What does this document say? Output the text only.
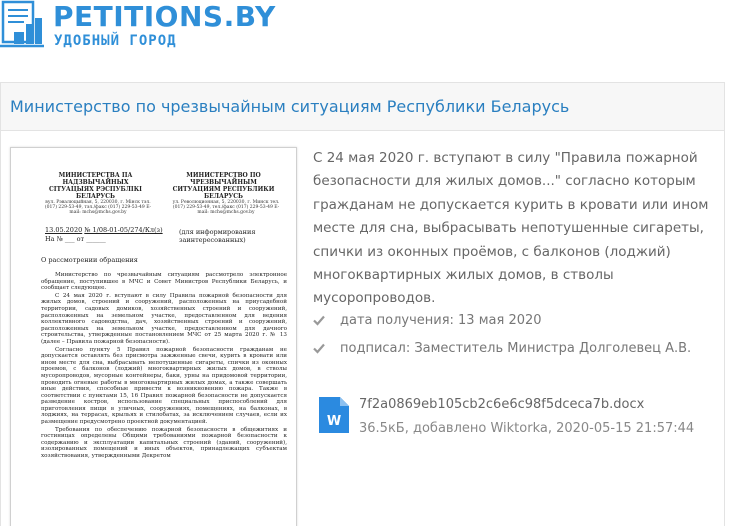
PETITIONS.BY
УДОБНЫЙ ГОРОД
Министерство по чрезвычайным ситуациям Республики Беларусь
МИНИСТЕРСТВА ПА НАДЗВЫЧАЙНЫХ СІТУАЦЫЯХ РЭСПУБЛІКІ БЕЛАРУСЬ
МИНИСТЕРСТВО ПО ЧРЕЗВЫЧАЙНЫМ СИТУАЦИЯМ РЕСПУБЛИКИ БЕЛАРУСЬ
вул. Рэвалюцыйная, 5, 220030, г. Мінск тэл. (017) 229-53-49, тэл./факс (017) 229-53-49 E-mail: mchs@mchs.gov.by
ул. Революционная, 5, 220030, г. Минск тел. (017) 229-53-49, тел./факс (017) 229-53-49 E-mail: mchs@mchs.gov.by
13.05.2020 № 1/08-01-05/274/Кл(з)
На № ___ от ______
(для информирования заинтересованных)
О рассмотрении обращения

Министерство по чрезвычайным ситуациям рассмотрело электронное обращение, поступившее в МЧС и Совет Министров Республики Беларусь, и сообщает следующее.

С 24 мая 2020 г. вступают в силу Правила пожарной безопасности для жилых домов, строений и сооружений, расположенных на приусадебной территории, садовых домиков, хозяйственных строений и сооружений, расположенных на земельном участке, предоставленном для ведения коллективного садоводства, дач, хозяйственных строений и сооружений, расположенных на земельном участке, предоставленном для дачного строительства, утвержденные постановлением МЧС от 25 марта 2020 г. № 13 (далее – Правила пожарной безопасности).

Согласно пункту 5 Правил пожарной безопасности гражданам не допускается оставлять без присмотра зажженные свечи, курить в кровати или ином месте для сна, выбрасывать непотушенные сигареты, спички из оконных проемов, с балконов (лоджий) многоквартирных жилых домов, в стволы мусоропроводов, мусорные контейнеры, баки, урны на придомовой территории, проводить огневые работы в многоквартирных жилых домах, а также совершать иные действия, способные привести к возникновению пожара. Также в соответствии с пунктами 15, 16 Правил пожарной безопасности не допускается разведение костров, использование специальных приспособлений для приготовления пищи в уличных, сооружениях, помещениях, на балконах, в лоджиях, на террасах, крыльях и стилобатах, за исключением случаев, если их размещение предусмотрено проектной документацией.

Требования по обеспечению пожарной безопасности в общежитиях и гостиницах определены Общими требованиями пожарной безопасности к содержанию и эксплуатации капитальных строений (зданий, сооружений), изолированных помещений и иных объектов, принадлежащих субъектам хозяйствования, утвержденными Декретом

С 24 мая 2020 г. вступают в силу "Правила пожарной безопасности для жилых домов..." согласно которым гражданам не допускается курить в кровати или ином месте для сна, выбрасывать непотушенные сигареты, спички из оконных проёмов, с балконов (лоджий) многоквартирных жилых домов, в стволы мусоропроводов.
дата получения: 13 мая 2020
подписал: Заместитель Министра Долголевец А.В.
W
7f2a0869eb105cb2c6e6c98f5dceca7b.docx
36.5кБ, добавлено Wiktorka, 2020-05-15 21:57:44
